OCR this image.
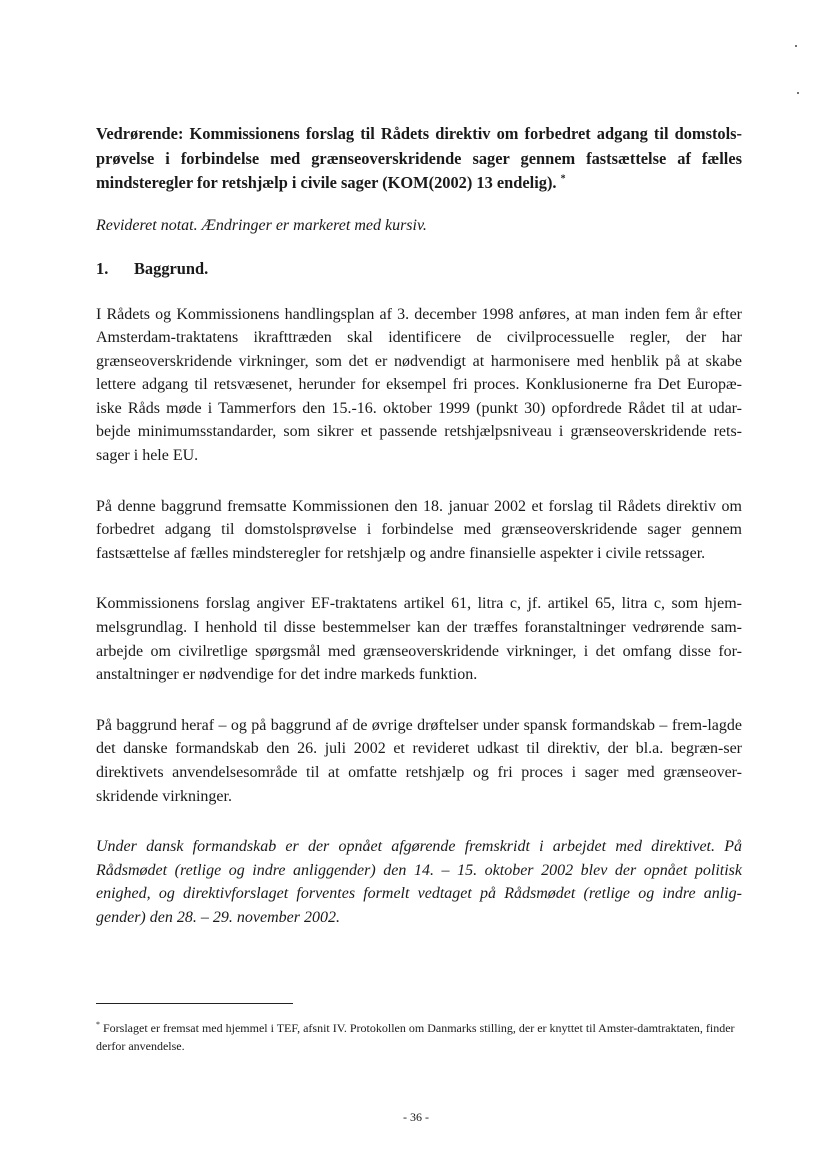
Vedrørende: Kommissionens forslag til Rådets direktiv om forbedret adgang til domstols- prøvelse i forbindelse med grænseoverskridende sager gennem fastsættelse af fælles mindsteregler for retshjælp i civile sager (KOM(2002) 13 endelig). *

Revideret notat. Ændringer er markeret med kursiv.

1. Baggrund.

I Rådets og Kommissionens handlingsplan af 3. december 1998 anføres, at man inden fem år efter Amsterdam-traktatens ikrafttræden skal identificere de civilprocessuelle regler, der har grænseoverskridende virkninger, som det er nødvendigt at harmonisere med henblik på at skabe lettere adgang til retsvæsenet, herunder for eksempel fri proces. Konklusionerne fra Det Europæ-iske Råds møde i Tammerfors den 15.-16. oktober 1999 (punkt 30) opfordrede Rådet til at udar-bejde minimumsstandarder, som sikrer et passende retshjælpsniveau i grænseoverskridende rets-sager i hele EU.

På denne baggrund fremsatte Kommissionen den 18. januar 2002 et forslag til Rådets direktiv om forbedret adgang til domstolsprøvelse i forbindelse med grænseoverskridende sager gennem fastsættelse af fælles mindsteregler for retshjælp og andre finansielle aspekter i civile retssager.

Kommissionens forslag angiver EF-traktatens artikel 61, litra c, jf. artikel 65, litra c, som hjem-melsgrundlag. I henhold til disse bestemmelser kan der træffes foranstaltninger vedrørende sam-arbejde om civilretlige spørgsmål med grænseoverskridende virkninger, i det omfang disse for-anstaltninger er nødvendige for det indre markeds funktion.

På baggrund heraf – og på baggrund af de øvrige drøftelser under spansk formandskab – frem-lagde det danske formandskab den 26. juli 2002 et revideret udkast til direktiv, der bl.a. begræn-ser direktivets anvendelsesområde til at omfatte retshjælp og fri proces i sager med grænseover-skridende virkninger.

Under dansk formandskab er der opnået afgørende fremskridt i arbejdet med direktivet. På Rådsmødet (retlige og indre anliggender) den 14. – 15. oktober 2002 blev der opnået politisk enighed, og direktivforslaget forventes formelt vedtaget på Rådsmødet (retlige og indre anlig-gender) den 28. – 29. november 2002.

* Forslaget er fremsat med hjemmel i TEF, afsnit IV. Protokollen om Danmarks stilling, der er knyttet til Amster-damtraktaten, finder derfor anvendelse.
- 36 -
